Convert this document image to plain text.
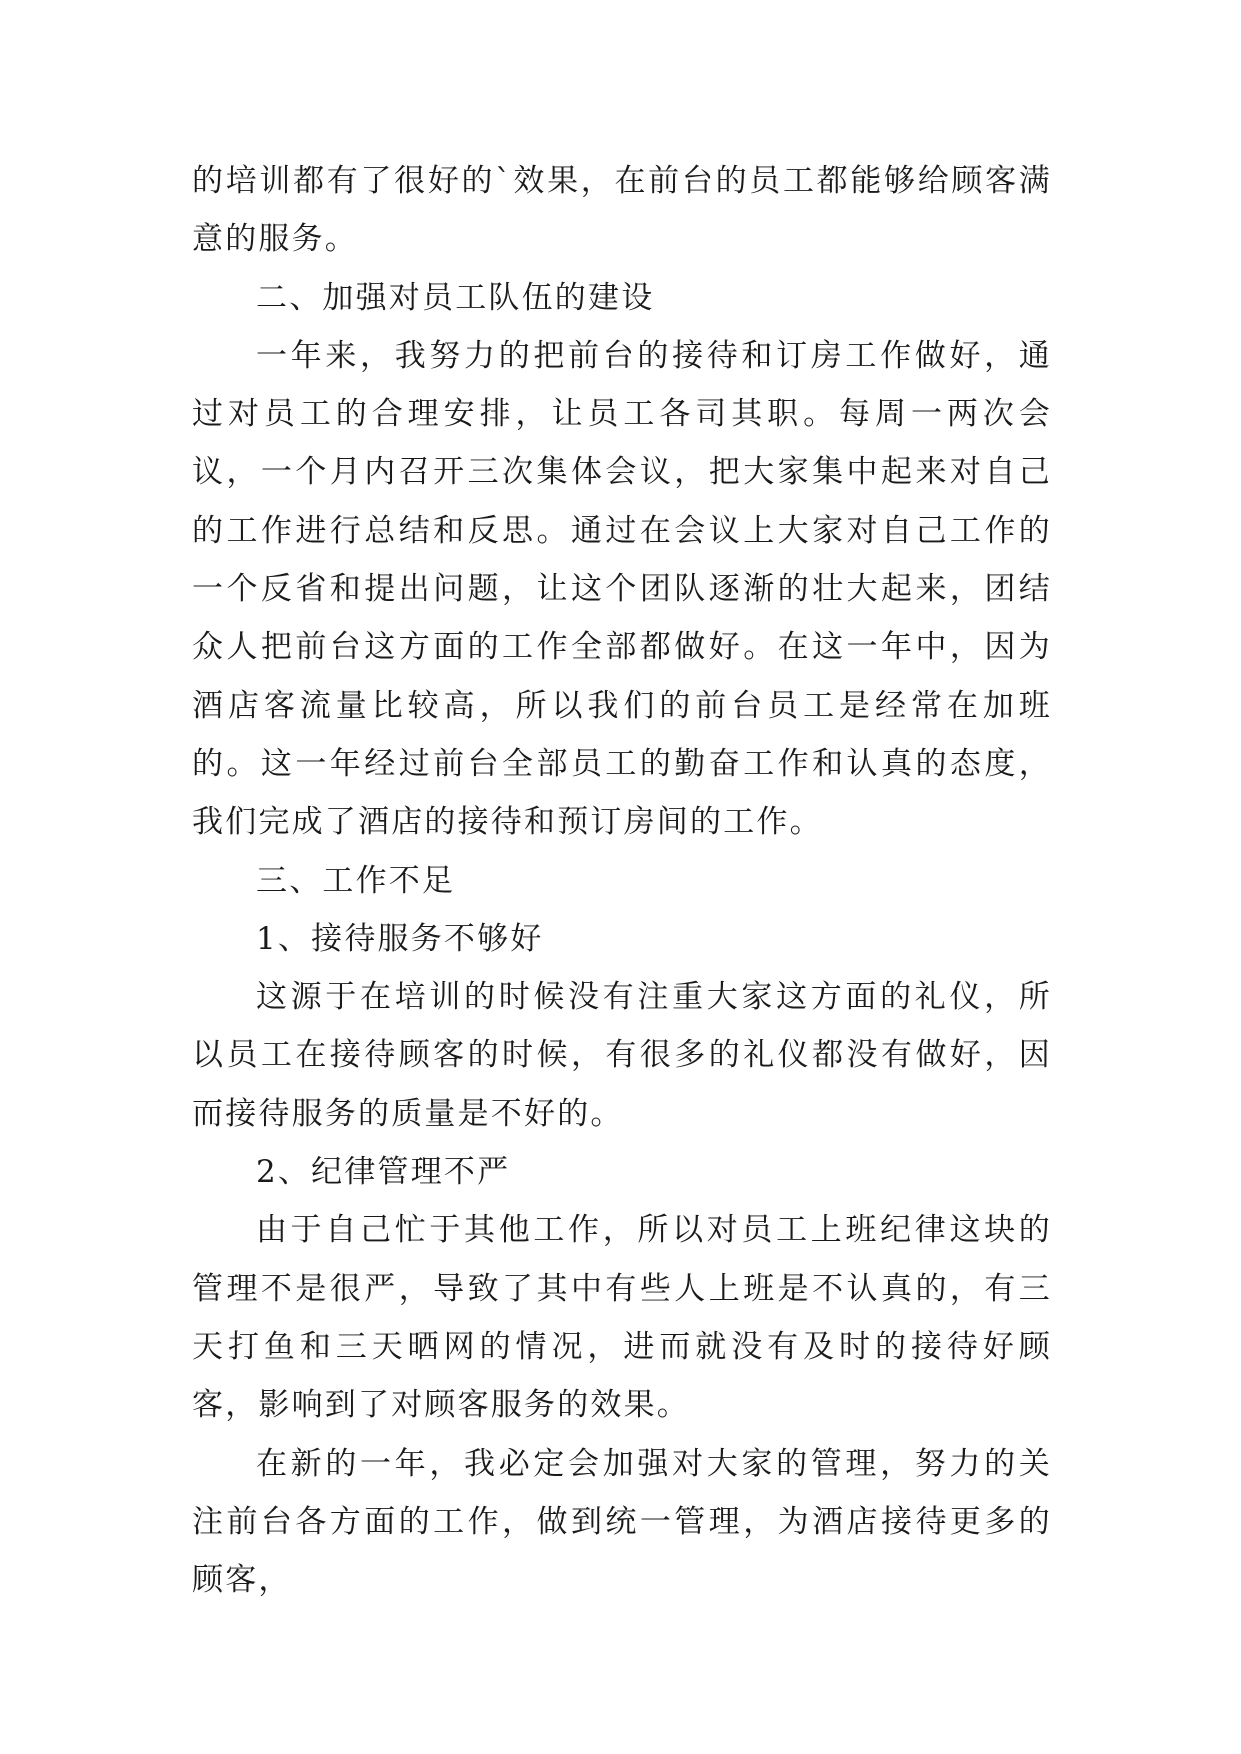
的培训都有了很好的`效果，在前台的员工都能够给顾客满意的服务。

二、加强对员工队伍的建设

一年来，我努力的把前台的接待和订房工作做好，通过对员工的合理安排，让员工各司其职。每周一两次会议，一个月内召开三次集体会议，把大家集中起来对自己的工作进行总结和反思。通过在会议上大家对自己工作的一个反省和提出问题，让这个团队逐渐的壮大起来，团结众人把前台这方面的工作全部都做好。在这一年中，因为酒店客流量比较高，所以我们的前台员工是经常在加班的。这一年经过前台全部员工的勤奋工作和认真的态度，我们完成了酒店的接待和预订房间的工作。

三、工作不足

1、接待服务不够好

这源于在培训的时候没有注重大家这方面的礼仪，所以员工在接待顾客的时候，有很多的礼仪都没有做好，因而接待服务的质量是不好的。

2、纪律管理不严

由于自己忙于其他工作，所以对员工上班纪律这块的管理不是很严，导致了其中有些人上班是不认真的，有三天打鱼和三天晒网的情况，进而就没有及时的接待好顾客，影响到了对顾客服务的效果。

在新的一年，我必定会加强对大家的管理，努力的关注前台各方面的工作，做到统一管理，为酒店接待更多的顾客，
